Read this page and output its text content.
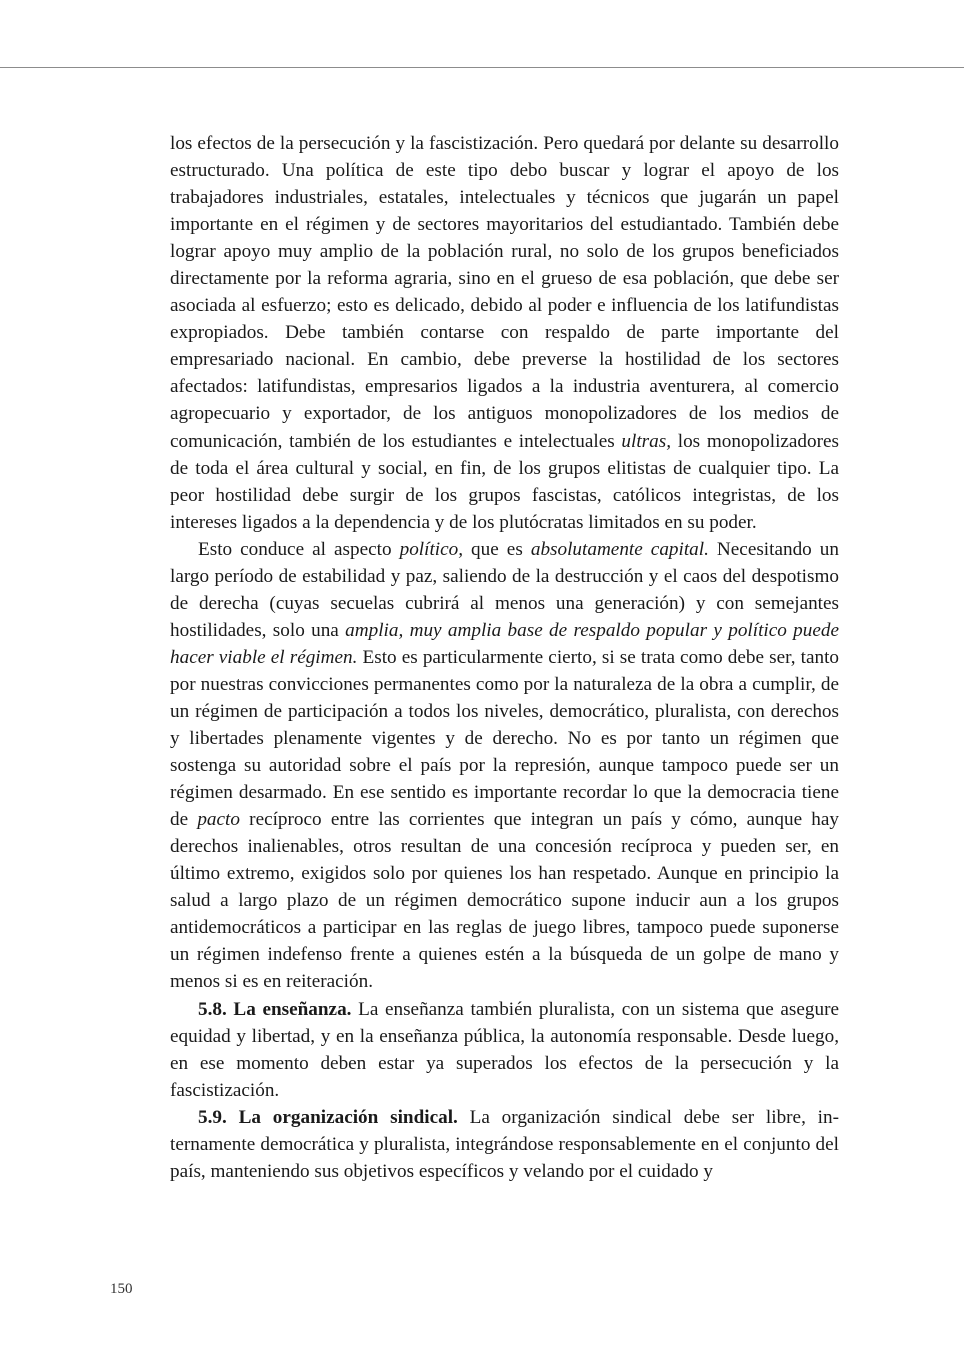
los efectos de la persecución y la fascistización. Pero quedará por delante su desarrollo estructurado. Una política de este tipo debo buscar y lograr el apoyo de los trabajadores industriales, estatales, intelectuales y técnicos que jugarán un papel importante en el régimen y de sectores mayoritarios del estudiantado. También debe lograr apoyo muy amplio de la población rural, no solo de los grupos beneficiados directamente por la reforma agraria, sino en el grueso de esa población, que debe ser asociada al esfuerzo; esto es delicado, debido al poder e influencia de los latifundistas expropiados. Debe también contarse con respaldo de parte importante del empresariado nacional. En cambio, debe preverse la hostilidad de los sectores afectados: latifundistas, empresarios ligados a la industria aventurera, al comercio agropecuario y exportador, de los antiguos monopolizadores de los medios de comunicación, también de los estudiantes e intelectuales ultras, los monopolizadores de toda el área cultural y social, en fin, de los grupos elitistas de cualquier tipo. La peor hostilidad debe surgir de los grupos fascistas, católicos integristas, de los intereses ligados a la dependencia y de los plutócratas limitados en su poder.

Esto conduce al aspecto político, que es absolutamente capital. Necesitando un largo período de estabilidad y paz, saliendo de la destrucción y el caos del despotismo de derecha (cuyas secuelas cubrirá al menos una generación) y con semejantes hostilidades, solo una amplia, muy amplia base de respaldo popular y político puede hacer viable el régimen. Esto es particularmente cierto, si se trata como debe ser, tanto por nuestras convicciones permanentes como por la naturaleza de la obra a cumplir, de un régimen de participación a todos los niveles, democrático, pluralista, con derechos y libertades plenamente vigentes y de derecho. No es por tanto un régimen que sostenga su autoridad sobre el país por la represión, aunque tampoco puede ser un régimen desarmado. En ese sentido es importante recordar lo que la democracia tiene de pacto recíproco entre las corrientes que integran un país y cómo, aunque hay derechos inalienables, otros resultan de una concesión recíproca y pueden ser, en último extremo, exigidos solo por quienes los han respetado. Aunque en principio la salud a largo plazo de un régimen democrático supone inducir aun a los grupos antidemocráticos a participar en las reglas de juego libres, tampoco puede suponerse un régimen indefenso frente a quienes estén a la búsqueda de un golpe de mano y menos si es en reiteración.

5.8. La enseñanza. La enseñanza también pluralista, con un sistema que asegure equidad y libertad, y en la enseñanza pública, la autonomía responsable. Desde luego, en ese momento deben estar ya superados los efectos de la persecución y la fascistización.

5.9. La organización sindical. La organización sindical debe ser libre, internamente democrática y pluralista, integrándose responsablemente en el conjunto del país, manteniendo sus objetivos específicos y velando por el cuidado y

150
